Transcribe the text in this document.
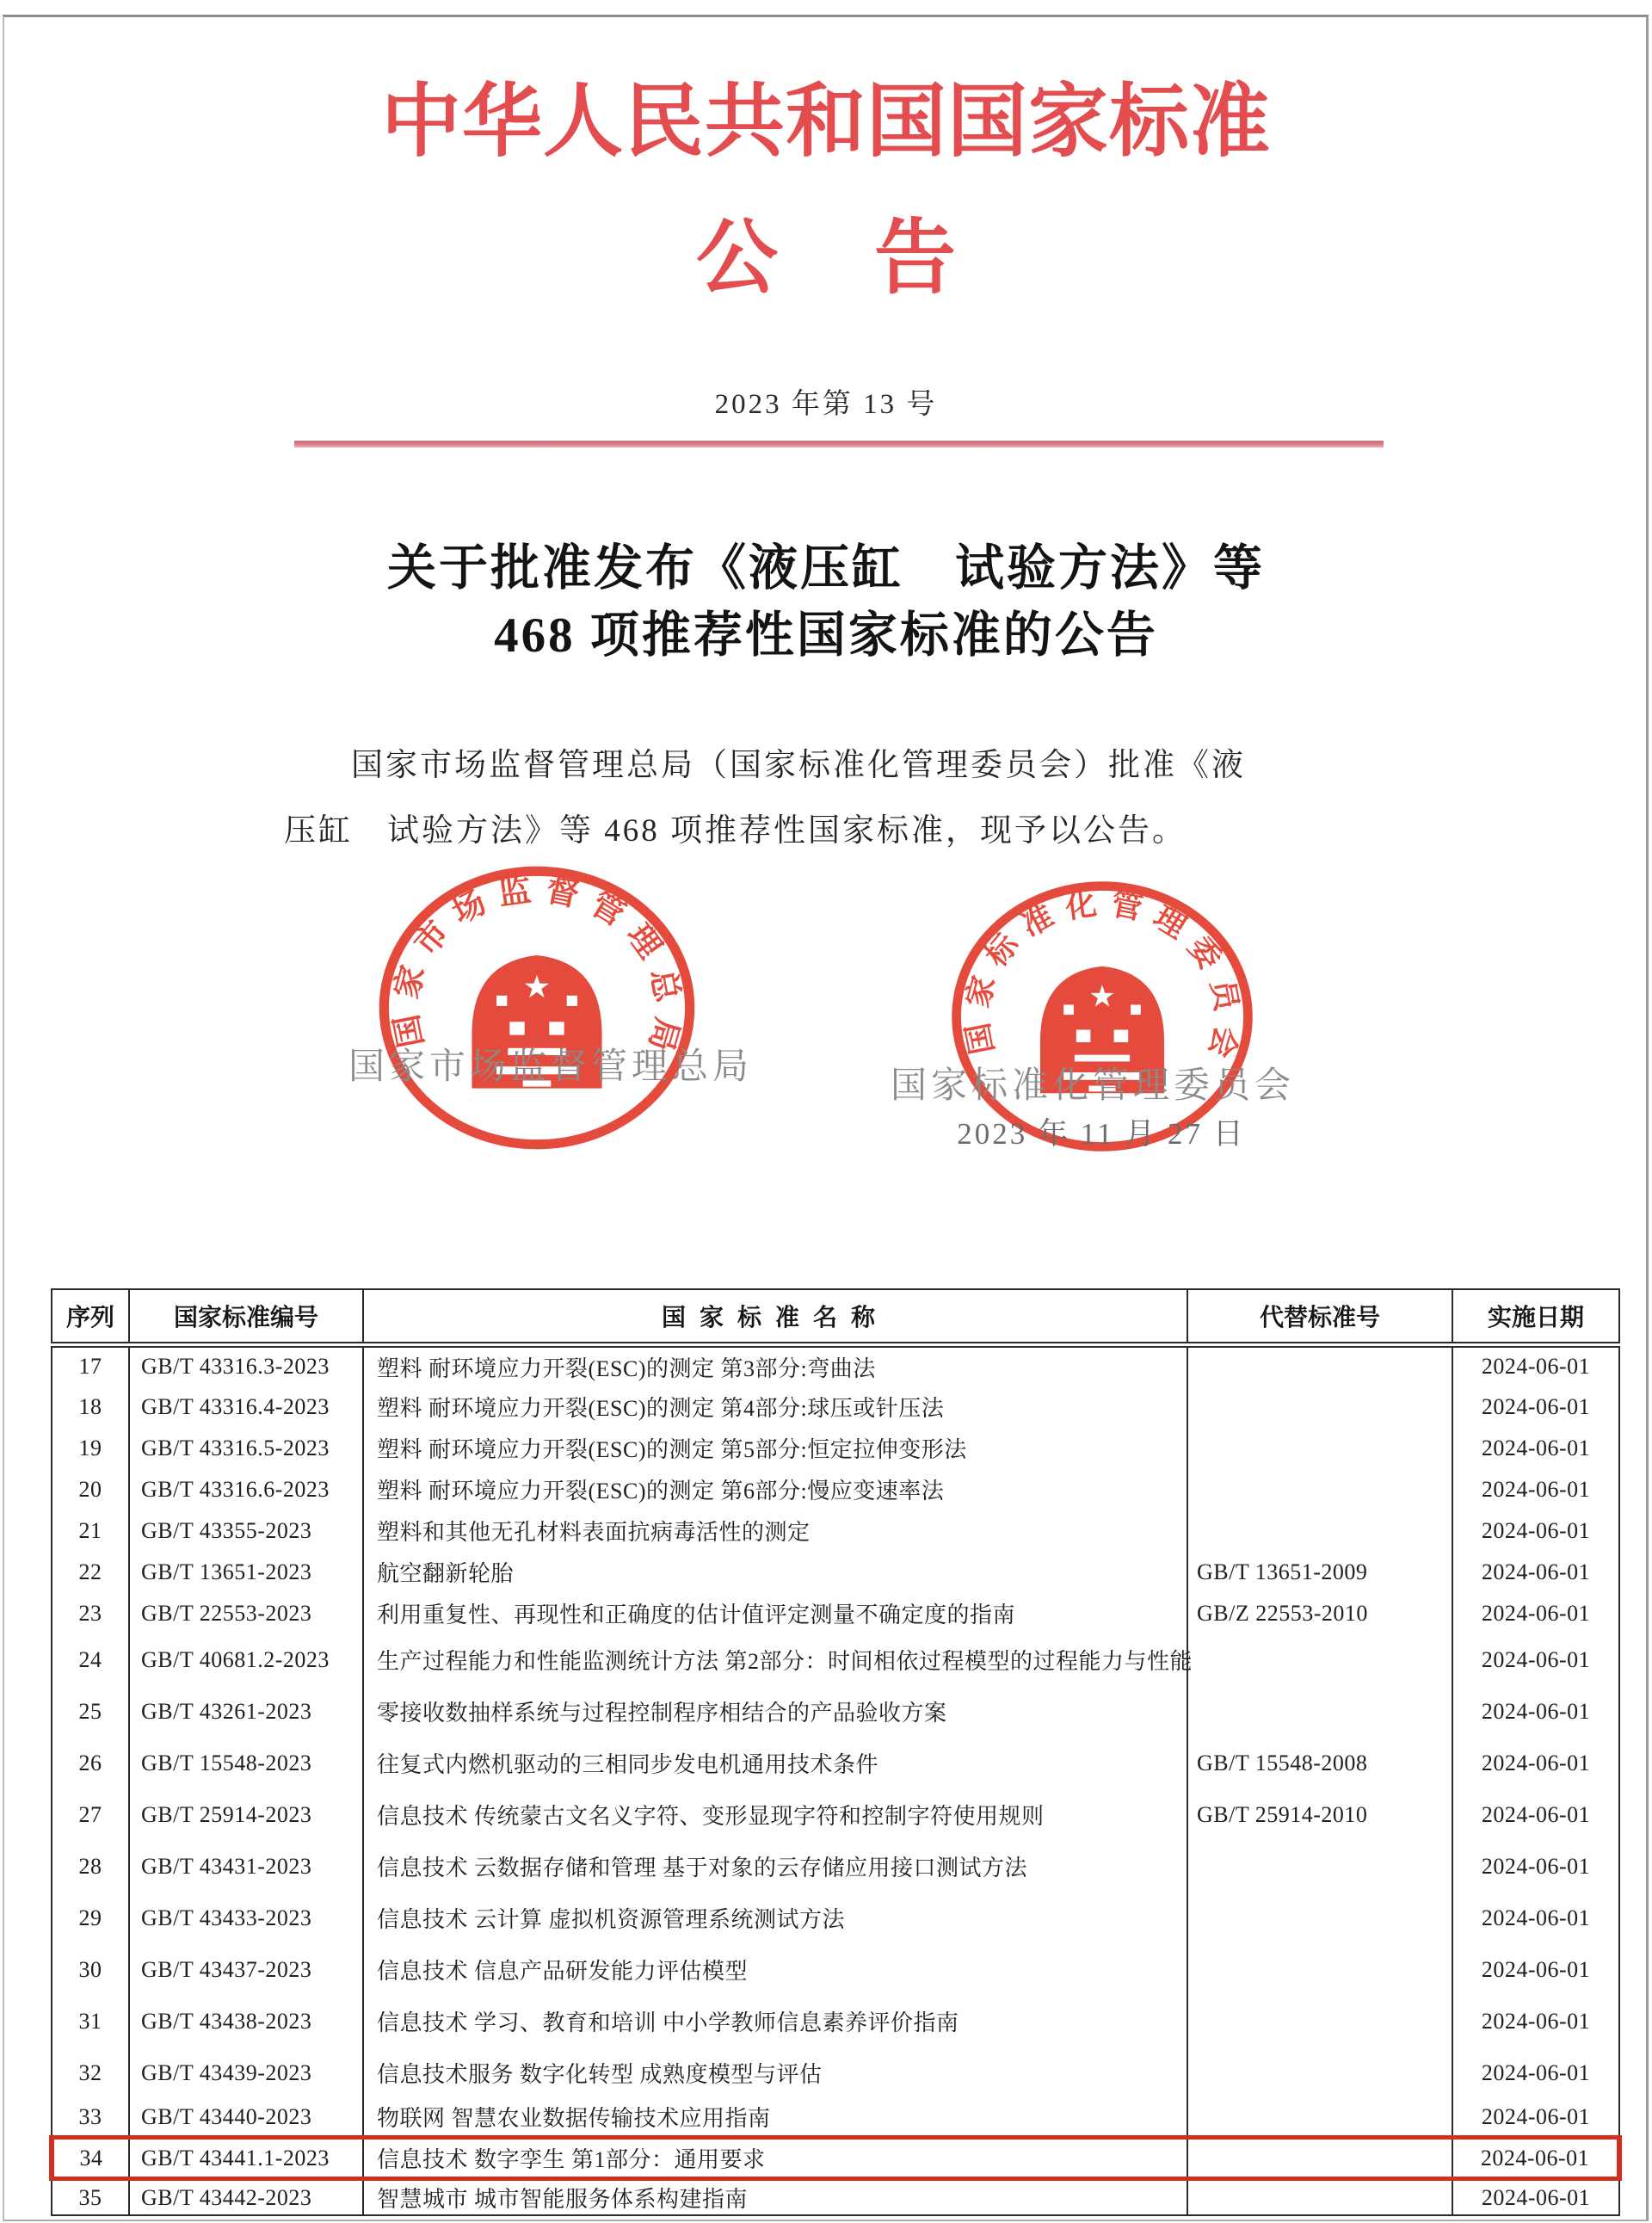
中华人民共和国国家标准
公告
2023 年第 13 号
关于批准发布《液压缸　试验方法》等
468 项推荐性国家标准的公告
国家市场监督管理总局（国家标准化管理委员会）批准《液
压缸　试验方法》等 468 项推荐性国家标准，现予以公告。
国家市场监督管理总局	国家标准化管理委员会
2023 年 11 月 27 日
国家市场监督管理总局
★
国家标准化管理委员会
★
序列	国家标准编号	国家标准名称	代替标准号	实施日期
17	GB/T 43316.3-2023	塑料 耐环境应力开裂(ESC)的测定 第3部分:弯曲法		2024-06-01
18	GB/T 43316.4-2023	塑料 耐环境应力开裂(ESC)的测定 第4部分:球压或针压法		2024-06-01
19	GB/T 43316.5-2023	塑料 耐环境应力开裂(ESC)的测定 第5部分:恒定拉伸变形法		2024-06-01
20	GB/T 43316.6-2023	塑料 耐环境应力开裂(ESC)的测定 第6部分:慢应变速率法		2024-06-01
21	GB/T 43355-2023	塑料和其他无孔材料表面抗病毒活性的测定		2024-06-01
22	GB/T 13651-2023	航空翻新轮胎	GB/T 13651-2009	2024-06-01
23	GB/T 22553-2023	利用重复性、再现性和正确度的估计值评定测量不确定度的指南	GB/Z 22553-2010	2024-06-01
24	GB/T 40681.2-2023	生产过程能力和性能监测统计方法 第2部分：时间相依过程模型的过程能力与性能		2024-06-01
25	GB/T 43261-2023	零接收数抽样系统与过程控制程序相结合的产品验收方案		2024-06-01
26	GB/T 15548-2023	往复式内燃机驱动的三相同步发电机通用技术条件	GB/T 15548-2008	2024-06-01
27	GB/T 25914-2023	信息技术 传统蒙古文名义字符、变形显现字符和控制字符使用规则	GB/T 25914-2010	2024-06-01
28	GB/T 43431-2023	信息技术 云数据存储和管理 基于对象的云存储应用接口测试方法		2024-06-01
29	GB/T 43433-2023	信息技术 云计算 虚拟机资源管理系统测试方法		2024-06-01
30	GB/T 43437-2023	信息技术 信息产品研发能力评估模型		2024-06-01
31	GB/T 43438-2023	信息技术 学习、教育和培训 中小学教师信息素养评价指南		2024-06-01
32	GB/T 43439-2023	信息技术服务 数字化转型 成熟度模型与评估		2024-06-01
33	GB/T 43440-2023	物联网 智慧农业数据传输技术应用指南		2024-06-01
34	GB/T 43441.1-2023	信息技术 数字孪生 第1部分：通用要求		2024-06-01
35	GB/T 43442-2023	智慧城市 城市智能服务体系构建指南		2024-06-01
